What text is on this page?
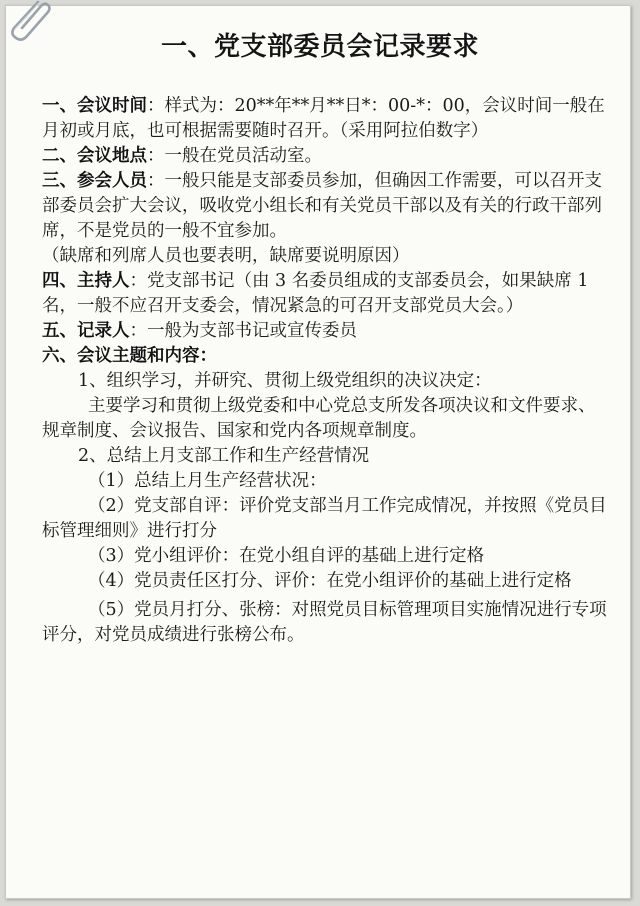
一、党支部委员会记录要求

一、会议时间：样式为：20**年**月**日*：00-*：00，会议时间一般在月初或月底，也可根据需要随时召开。（采用阿拉伯数字）

二、会议地点：一般在党员活动室。

三、参会人员：一般只能是支部委员参加，但确因工作需要，可以召开支部委员会扩大会议，吸收党小组长和有关党员干部以及有关的行政干部列席，不是党员的一般不宜参加。

（缺席和列席人员也要表明，缺席要说明原因）

四、主持人：党支部书记（由 3 名委员组成的支部委员会，如果缺席 1 名，一般不应召开支委会，情况紧急的可召开支部党员大会。）

五、记录人：一般为支部书记或宣传委员

六、会议主题和内容：

1、组织学习，并研究、贯彻上级党组织的决议决定：

主要学习和贯彻上级党委和中心党总支所发各项决议和文件要求、规章制度、会议报告、国家和党内各项规章制度。

2、总结上月支部工作和生产经营情况

（1）总结上月生产经营状况：

（2）党支部自评：评价党支部当月工作完成情况，并按照《党员目标管理细则》进行打分

（3）党小组评价：在党小组自评的基础上进行定格

（4）党员责任区打分、评价：在党小组评价的基础上进行定格

（5）党员月打分、张榜：对照党员目标管理项目实施情况进行专项评分，对党员成绩进行张榜公布。
